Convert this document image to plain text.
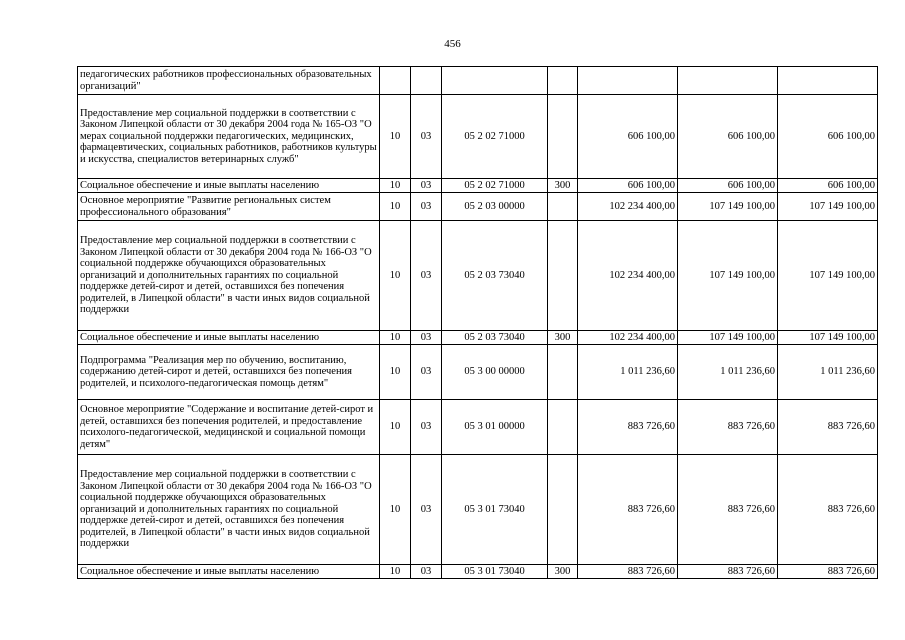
456
педагогических работников профессиональных образовательных организаций"							
Предоставление мер социальной поддержки в соответствии с Законом Липецкой области от 30 декабря 2004 года № 165-ОЗ "О мерах социальной поддержки педагогических, медицинских, фармацевтических, социальных работников, работников культуры и искусства, специалистов ветеринарных служб"	10	03	05 2 02 71000		606 100,00	606 100,00	606 100,00
Социальное обеспечение и иные выплаты населению	10	03	05 2 02 71000	300	606 100,00	606 100,00	606 100,00
Основное мероприятие "Развитие региональных систем профессионального образования"	10	03	05 2 03 00000		102 234 400,00	107 149 100,00	107 149 100,00
Предоставление мер социальной поддержки в соответствии с Законом Липецкой области от 30 декабря 2004 года № 166-ОЗ "О социальной поддержке обучающихся образовательных организаций и дополнительных гарантиях по социальной поддержке детей-сирот и детей, оставшихся без попечения родителей, в Липецкой области" в части иных видов социальной поддержки	10	03	05 2 03 73040		102 234 400,00	107 149 100,00	107 149 100,00
Социальное обеспечение и иные выплаты населению	10	03	05 2 03 73040	300	102 234 400,00	107 149 100,00	107 149 100,00
Подпрограмма "Реализация мер по обучению, воспитанию, содержанию детей-сирот и детей, оставшихся без попечения родителей, и психолого-педагогическая помощь детям"	10	03	05 3 00 00000		1 011 236,60	1 011 236,60	1 011 236,60
Основное мероприятие "Содержание и воспитание детей-сирот и детей, оставшихся без попечения родителей, и предоставление психолого-педагогической, медицинской и социальной помощи детям"	10	03	05 3 01 00000		883 726,60	883 726,60	883 726,60
Предоставление мер социальной поддержки в соответствии с Законом Липецкой области от 30 декабря 2004 года № 166-ОЗ "О социальной поддержке обучающихся образовательных организаций и дополнительных гарантиях по социальной поддержке детей-сирот и детей, оставшихся без попечения родителей, в Липецкой области" в части иных видов социальной поддержки	10	03	05 3 01 73040		883 726,60	883 726,60	883 726,60
Социальное обеспечение и иные выплаты населению	10	03	05 3 01 73040	300	883 726,60	883 726,60	883 726,60
